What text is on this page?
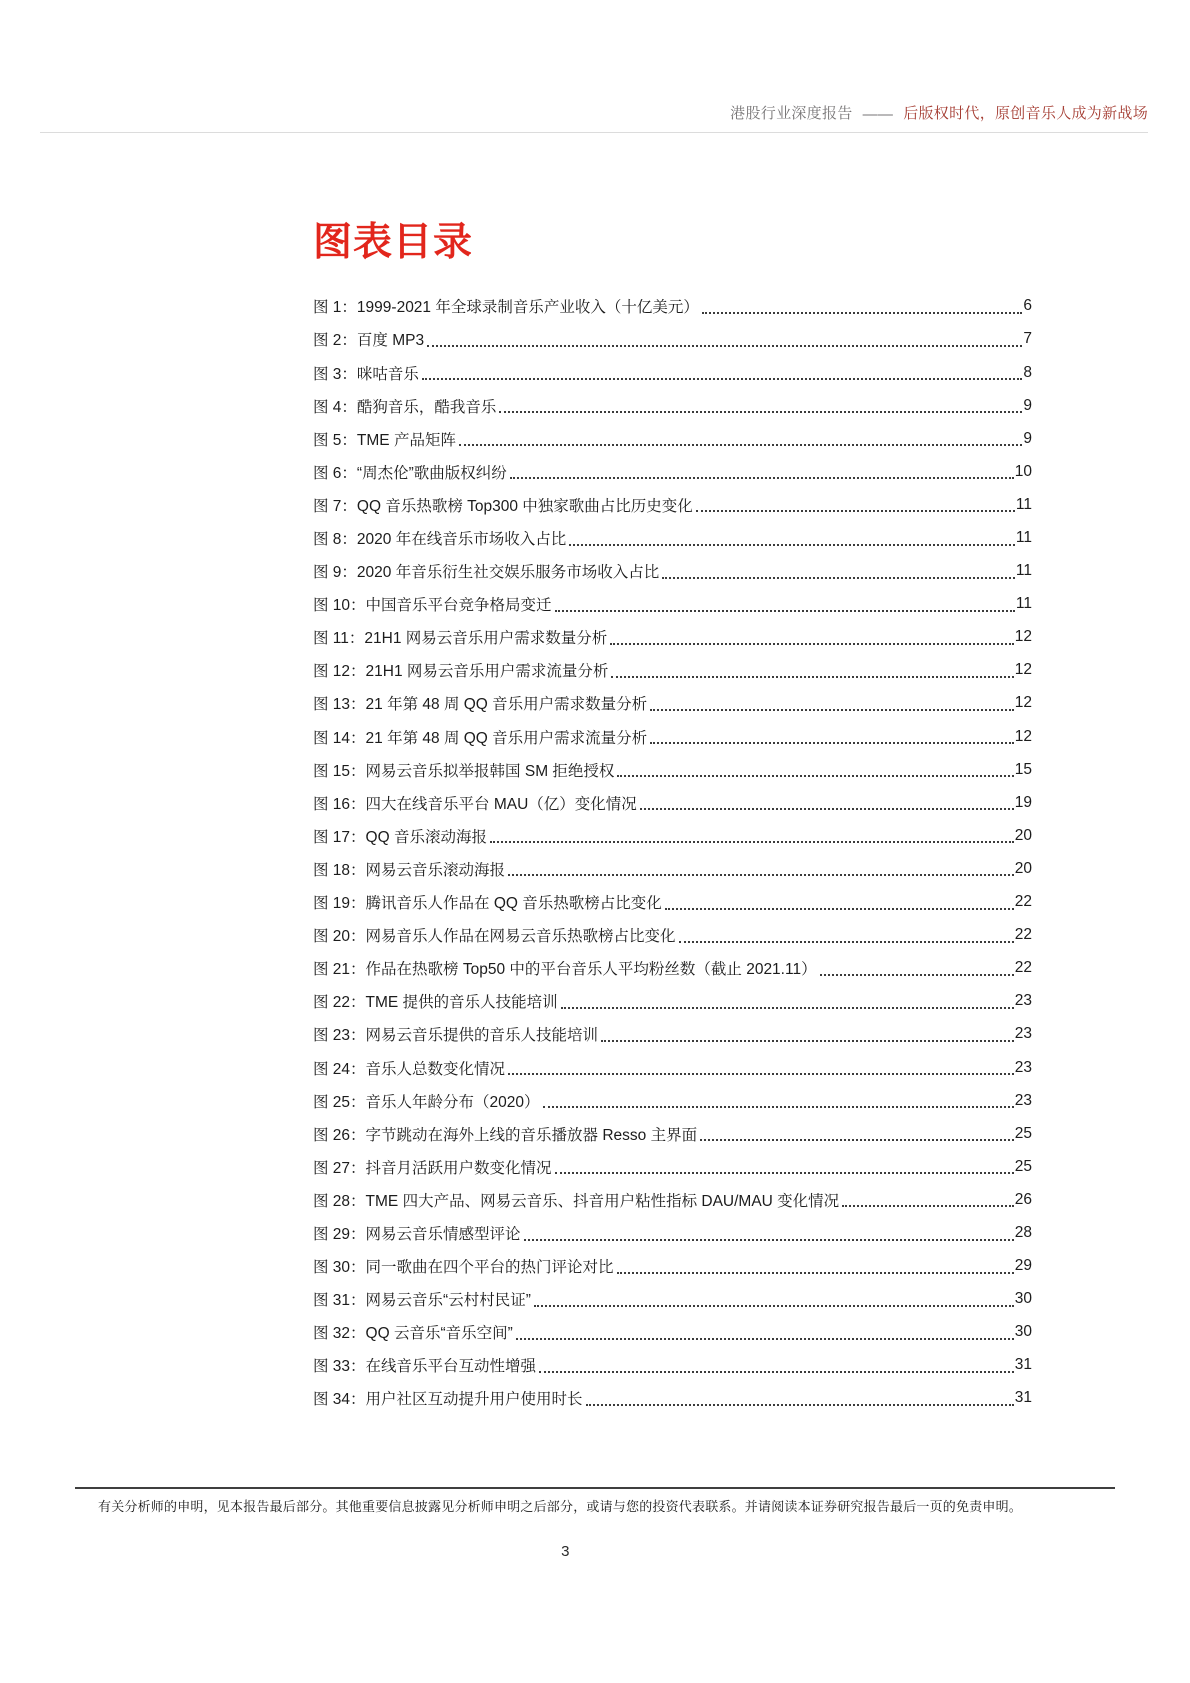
港股行业深度报告 —— 后版权时代，原创音乐人成为新战场
图表目录
图 1：1999-2021 年全球录制音乐产业收入（十亿美元）	6
图 2：百度 MP3	7
图 3：咪咕音乐	8
图 4：酷狗音乐，酷我音乐	9
图 5：TME 产品矩阵	9
图 6：“周杰伦”歌曲版权纠纷	10
图 7：QQ 音乐热歌榜 Top300 中独家歌曲占比历史变化	11
图 8：2020 年在线音乐市场收入占比	11
图 9：2020 年音乐衍生社交娱乐服务市场收入占比	11
图 10：中国音乐平台竞争格局变迁	11
图 11：21H1 网易云音乐用户需求数量分析	12
图 12：21H1 网易云音乐用户需求流量分析	12
图 13：21 年第 48 周 QQ 音乐用户需求数量分析	12
图 14：21 年第 48 周 QQ 音乐用户需求流量分析	12
图 15：网易云音乐拟举报韩国 SM 拒绝授权	15
图 16：四大在线音乐平台 MAU（亿）变化情况	19
图 17：QQ 音乐滚动海报	20
图 18：网易云音乐滚动海报	20
图 19：腾讯音乐人作品在 QQ 音乐热歌榜占比变化	22
图 20：网易音乐人作品在网易云音乐热歌榜占比变化	22
图 21：作品在热歌榜 Top50 中的平台音乐人平均粉丝数（截止 2021.11）	22
图 22：TME 提供的音乐人技能培训	23
图 23：网易云音乐提供的音乐人技能培训	23
图 24：音乐人总数变化情况	23
图 25：音乐人年龄分布（2020）	23
图 26：字节跳动在海外上线的音乐播放器 Resso 主界面	25
图 27：抖音月活跃用户数变化情况	25
图 28：TME 四大产品、网易云音乐、抖音用户粘性指标 DAU/MAU 变化情况	26
图 29：网易云音乐情感型评论	28
图 30：同一歌曲在四个平台的热门评论对比	29
图 31：网易云音乐“云村村民证”	30
图 32：QQ 云音乐“音乐空间”	30
图 33：在线音乐平台互动性增强	31
图 34：用户社区互动提升用户使用时长	31
有关分析师的申明，见本报告最后部分。其他重要信息披露见分析师申明之后部分，或请与您的投资代表联系。并请阅读本证券研究报告最后一页的免责申明。
3
